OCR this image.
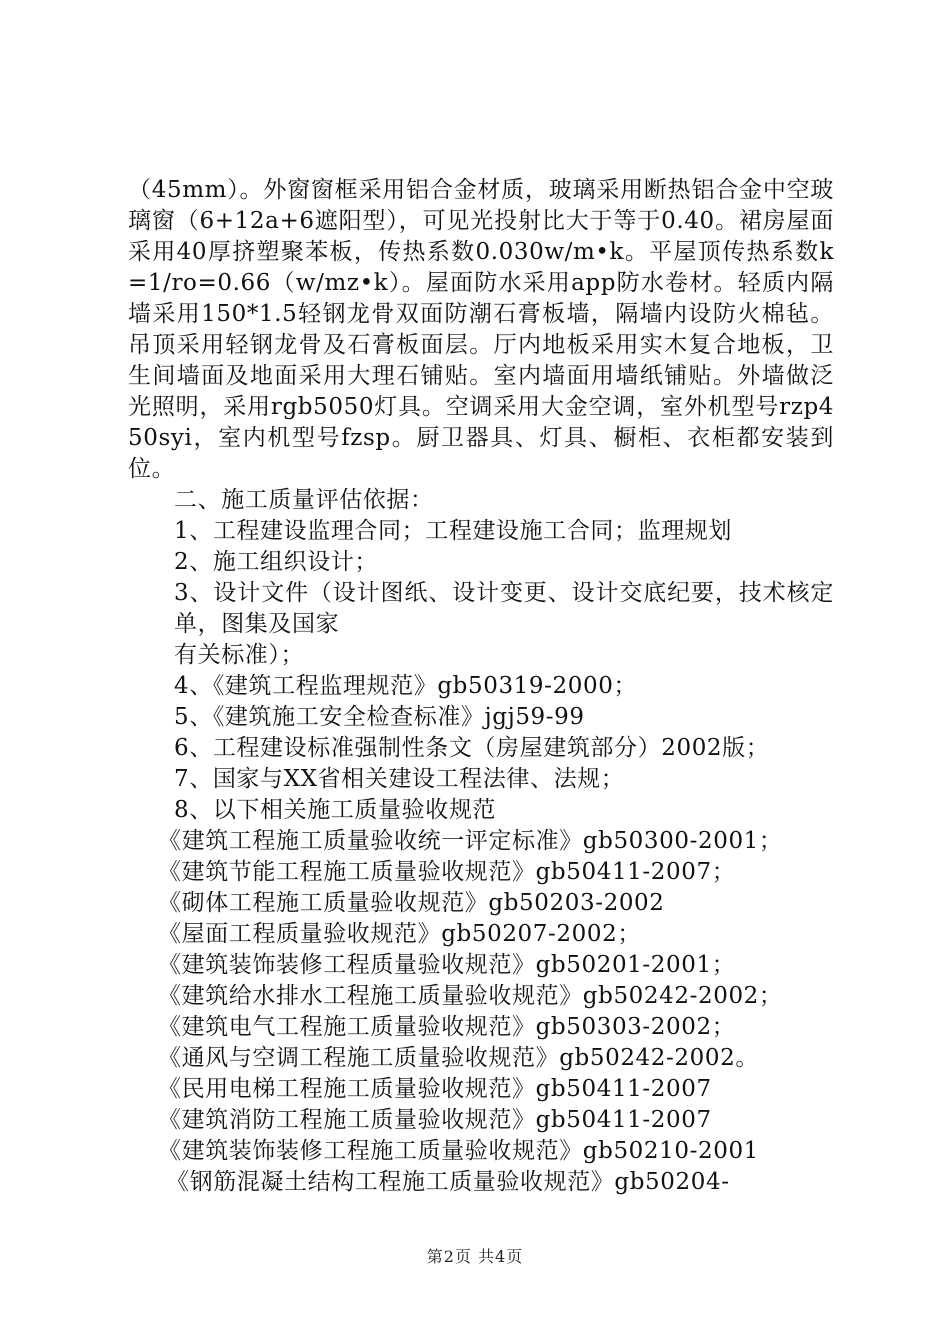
（45mm）。外窗窗框采用铝合金材质，玻璃采用断热铝合金中空玻璃窗（6+12a+6遮阳型），可见光投射比大于等于0.40。裙房屋面采用40厚挤塑聚苯板，传热系数0.030w/m•k。平屋顶传热系数k=1/ro=0.66（w/mz•k）。屋面防水采用app防水卷材。轻质内隔墙采用150*1.5轻钢龙骨双面防潮石膏板墙，隔墙内设防火棉毡。吊顶采用轻钢龙骨及石膏板面层。厅内地板采用实木复合地板，卫生间墙面及地面采用大理石铺贴。室内墙面用墙纸铺贴。外墙做泛光照明，采用rgb5050灯具。空调采用大金空调，室外机型号rzp450syi，室内机型号fzsp。厨卫器具、灯具、橱柜、衣柜都安装到位。
二、施工质量评估依据：
1、工程建设监理合同；工程建设施工合同；监理规划
2、施工组织设计；
3、设计文件（设计图纸、设计变更、设计交底纪要，技术核定单，图集及国家
有关标准）；
4、《建筑工程监理规范》gb50319-2000；
5、《建筑施工安全检查标准》jgj59-99
6、工程建设标准强制性条文（房屋建筑部分）2002版；
7、国家与XX省相关建设工程法律、法规；
8、以下相关施工质量验收规范
《建筑工程施工质量验收统一评定标准》gb50300-2001；
《建筑节能工程施工质量验收规范》gb50411-2007；
《砌体工程施工质量验收规范》gb50203-2002
《屋面工程质量验收规范》gb50207-2002；
《建筑装饰装修工程质量验收规范》gb50201-2001；
《建筑给水排水工程施工质量验收规范》gb50242-2002；
《建筑电气工程施工质量验收规范》gb50303-2002；
《通风与空调工程施工质量验收规范》gb50242-2002。
《民用电梯工程施工质量验收规范》gb50411-2007
《建筑消防工程施工质量验收规范》gb50411-2007
《建筑装饰装修工程施工质量验收规范》gb50210-2001
《钢筋混凝土结构工程施工质量验收规范》gb50204-
第2页 共4页
